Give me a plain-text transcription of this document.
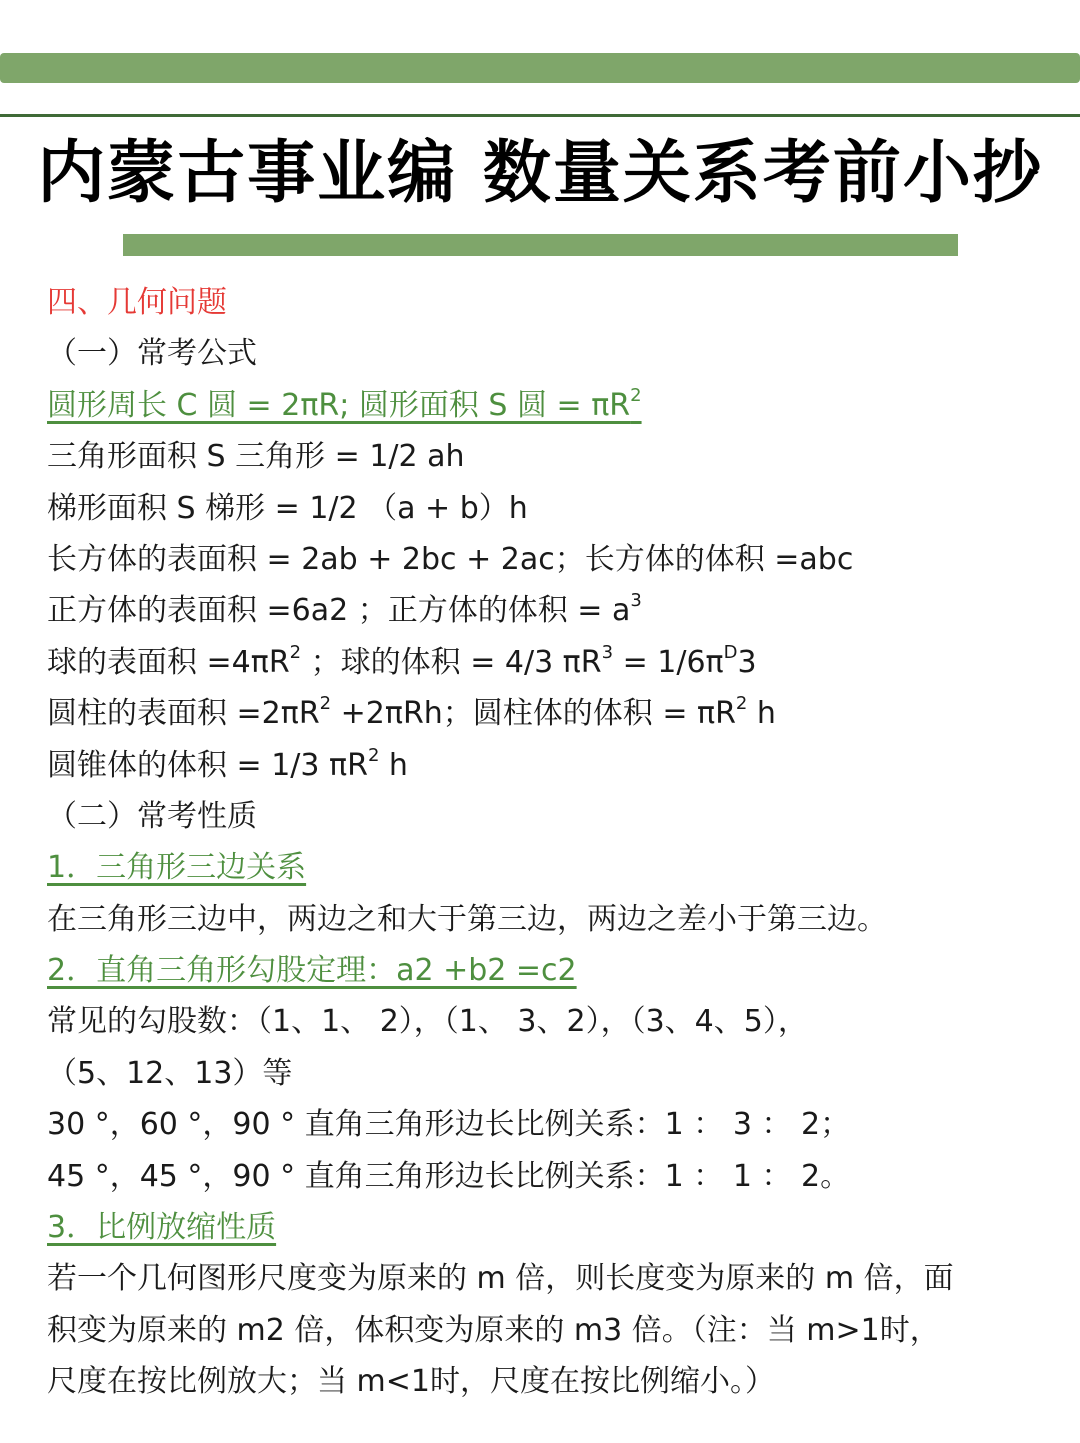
内蒙古事业编 数量关系考前小抄
四、几何问题
（一）常考公式
圆形周长 C 圆 = 2πR; 圆形面积 S 圆 = $\pi R^2$
三角形面积 S 三角形 = 1/2 ah
梯形面积 S 梯形 = 1/2 （a + b）h
长方体的表面积 = 2ab + 2bc + 2ac；长方体的体积 =abc
正方体的表面积 =6a2 ；正方体的体积 = $a^3$
球的表面积 $=4\pi R^2$ ；球的体积 = 4/3 $\pi R^3 = 1/6\pi^D3$
圆柱的表面积 $=2\pi R^2 +2\pi Rh$；圆柱体的体积 = $\pi R^2$ h
圆锥体的体积 = 1/3 $\pi R^2$ h
（二）常考性质
1．三角形三边关系
在三角形三边中，两边之和大于第三边，两边之差小于第三边。
2．直角三角形勾股定理：a2 +b2 =c2
常见的勾股数：（1、1、 2），（1、 3、2），（3、4、5），
（5、12、13）等
30 °，60 °，90 ° 直角三角形边长比例关系：1 ： 3 ： 2；
45 °，45 °，90 ° 直角三角形边长比例关系：1 ： 1 ： 2。
3．比例放缩性质
若一个几何图形尺度变为原来的 m 倍，则长度变为原来的 m 倍，面
积变为原来的 m2 倍，体积变为原来的 m3 倍。（注：当 m>1时，
尺度在按比例放大；当 m<1时，尺度在按比例缩小。）
